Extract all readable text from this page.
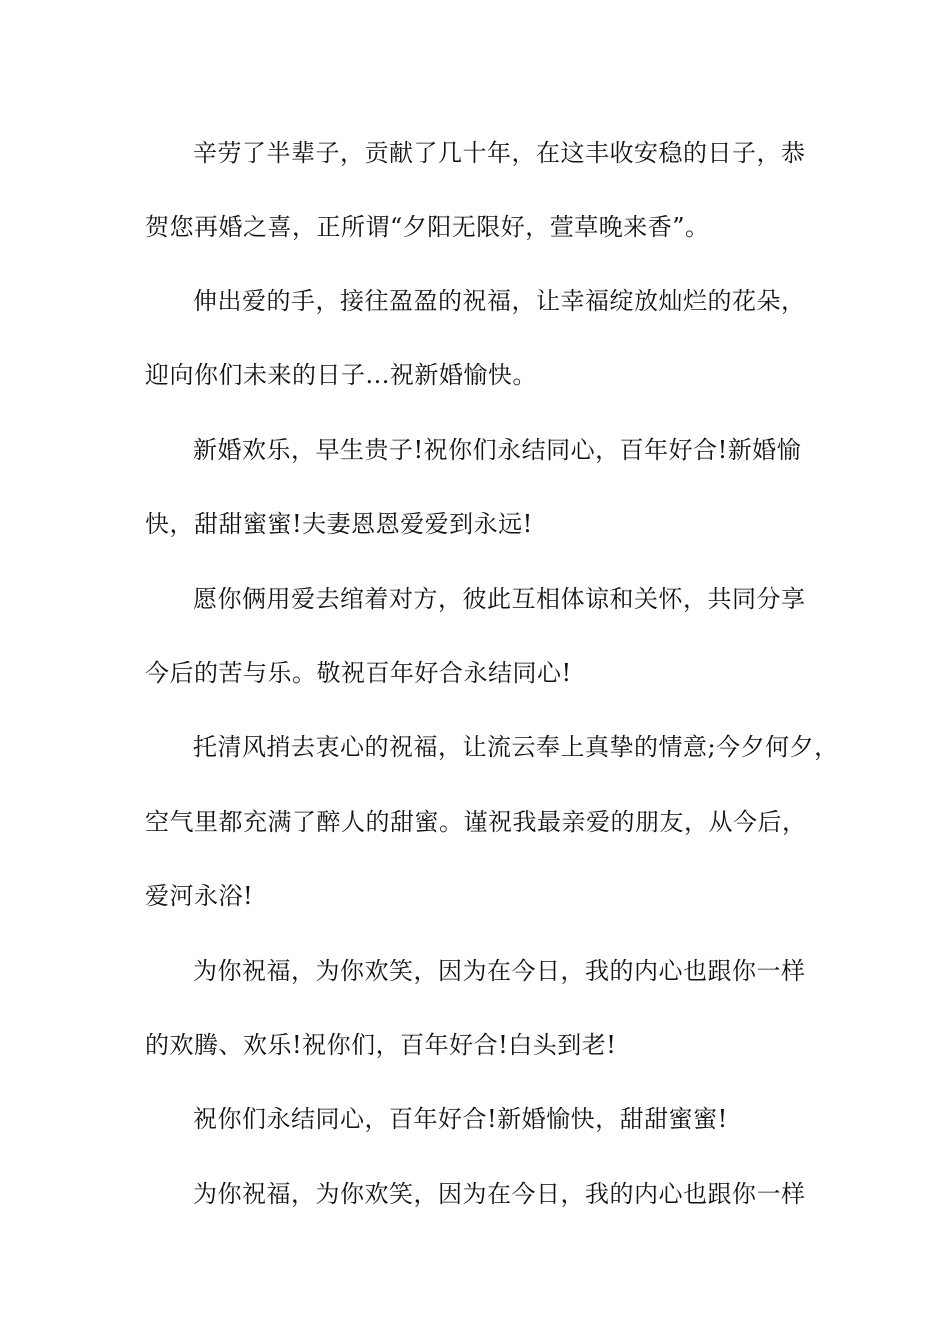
辛劳了半辈子，贡献了几十年，在这丰收安稳的日子，恭
贺您再婚之喜，正所谓“夕阳无限好，萱草晚来香”。
伸出爱的手，接往盈盈的祝福，让幸福绽放灿烂的花朵，
迎向你们未来的日子...祝新婚愉快。
新婚欢乐，早生贵子!祝你们永结同心，百年好合!新婚愉
快，甜甜蜜蜜!夫妻恩恩爱爱到永远!
愿你俩用爱去绾着对方，彼此互相体谅和关怀，共同分享
今后的苦与乐。敬祝百年好合永结同心!
托清风捎去衷心的祝福，让流云奉上真挚的情意;今夕何夕，
空气里都充满了醉人的甜蜜。谨祝我最亲爱的朋友，从今后，
爱河永浴!
为你祝福，为你欢笑，因为在今日，我的内心也跟你一样
的欢腾、欢乐!祝你们，百年好合!白头到老!
祝你们永结同心，百年好合!新婚愉快，甜甜蜜蜜!
为你祝福，为你欢笑，因为在今日，我的内心也跟你一样
